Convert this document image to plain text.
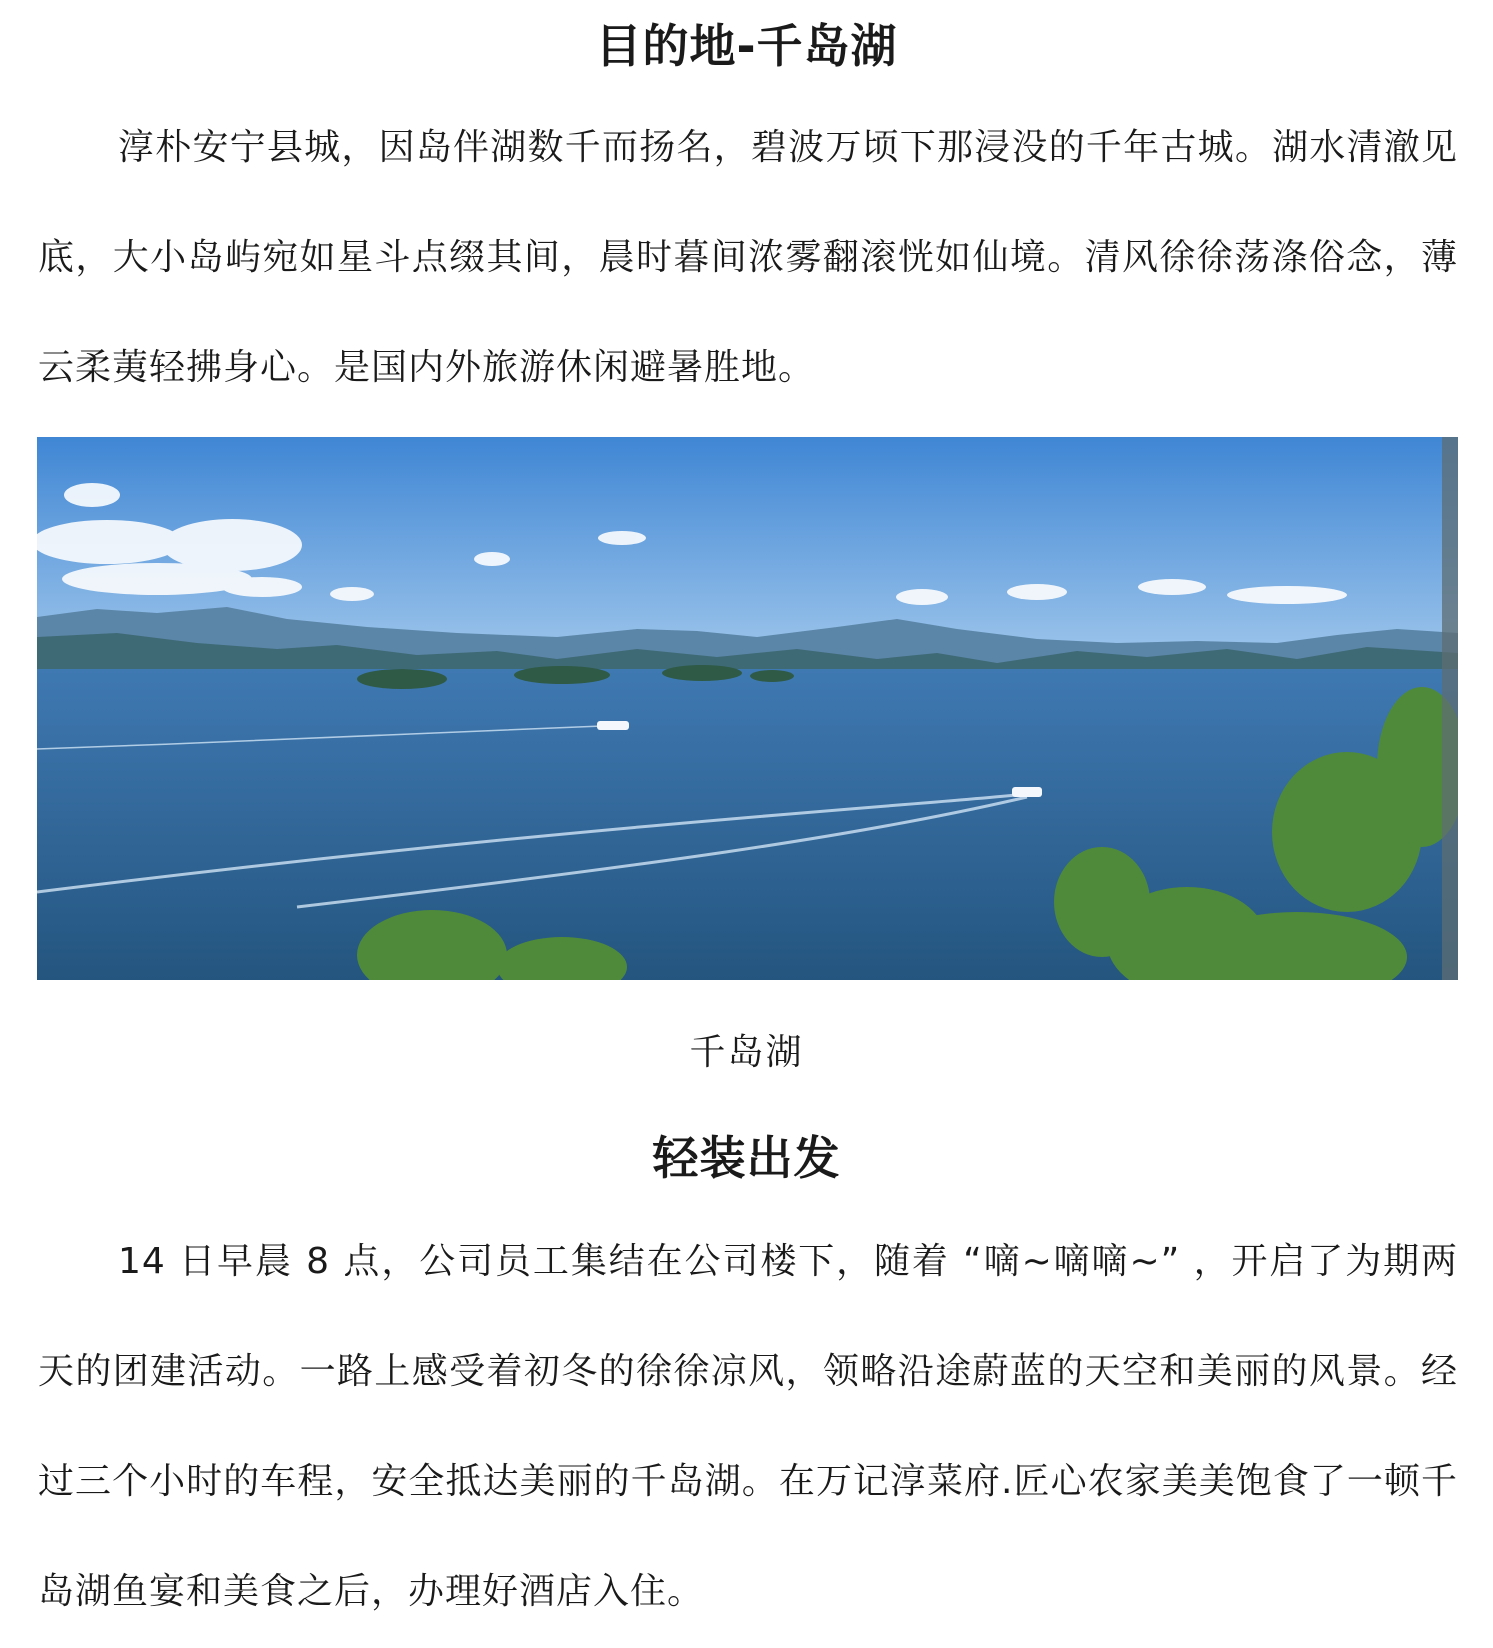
目的地-千岛湖

淳朴安宁县城，因岛伴湖数千而扬名，碧波万顷下那浸没的千年古城。湖水清澈见底，大小岛屿宛如星斗点缀其间，晨时暮间浓雾翻滚恍如仙境。清风徐徐荡涤俗念，薄云柔荑轻拂身心。是国内外旅游休闲避暑胜地。

千岛湖

轻装出发

14 日早晨 8 点，公司员工集结在公司楼下，随着 “嘀~嘀嘀~” ，开启了为期两天的团建活动。一路上感受着初冬的徐徐凉风，领略沿途蔚蓝的天空和美丽的风景。经过三个小时的车程，安全抵达美丽的千岛湖。在万记淳菜府.匠心农家美美饱食了一顿千岛湖鱼宴和美食之后，办理好酒店入住。
